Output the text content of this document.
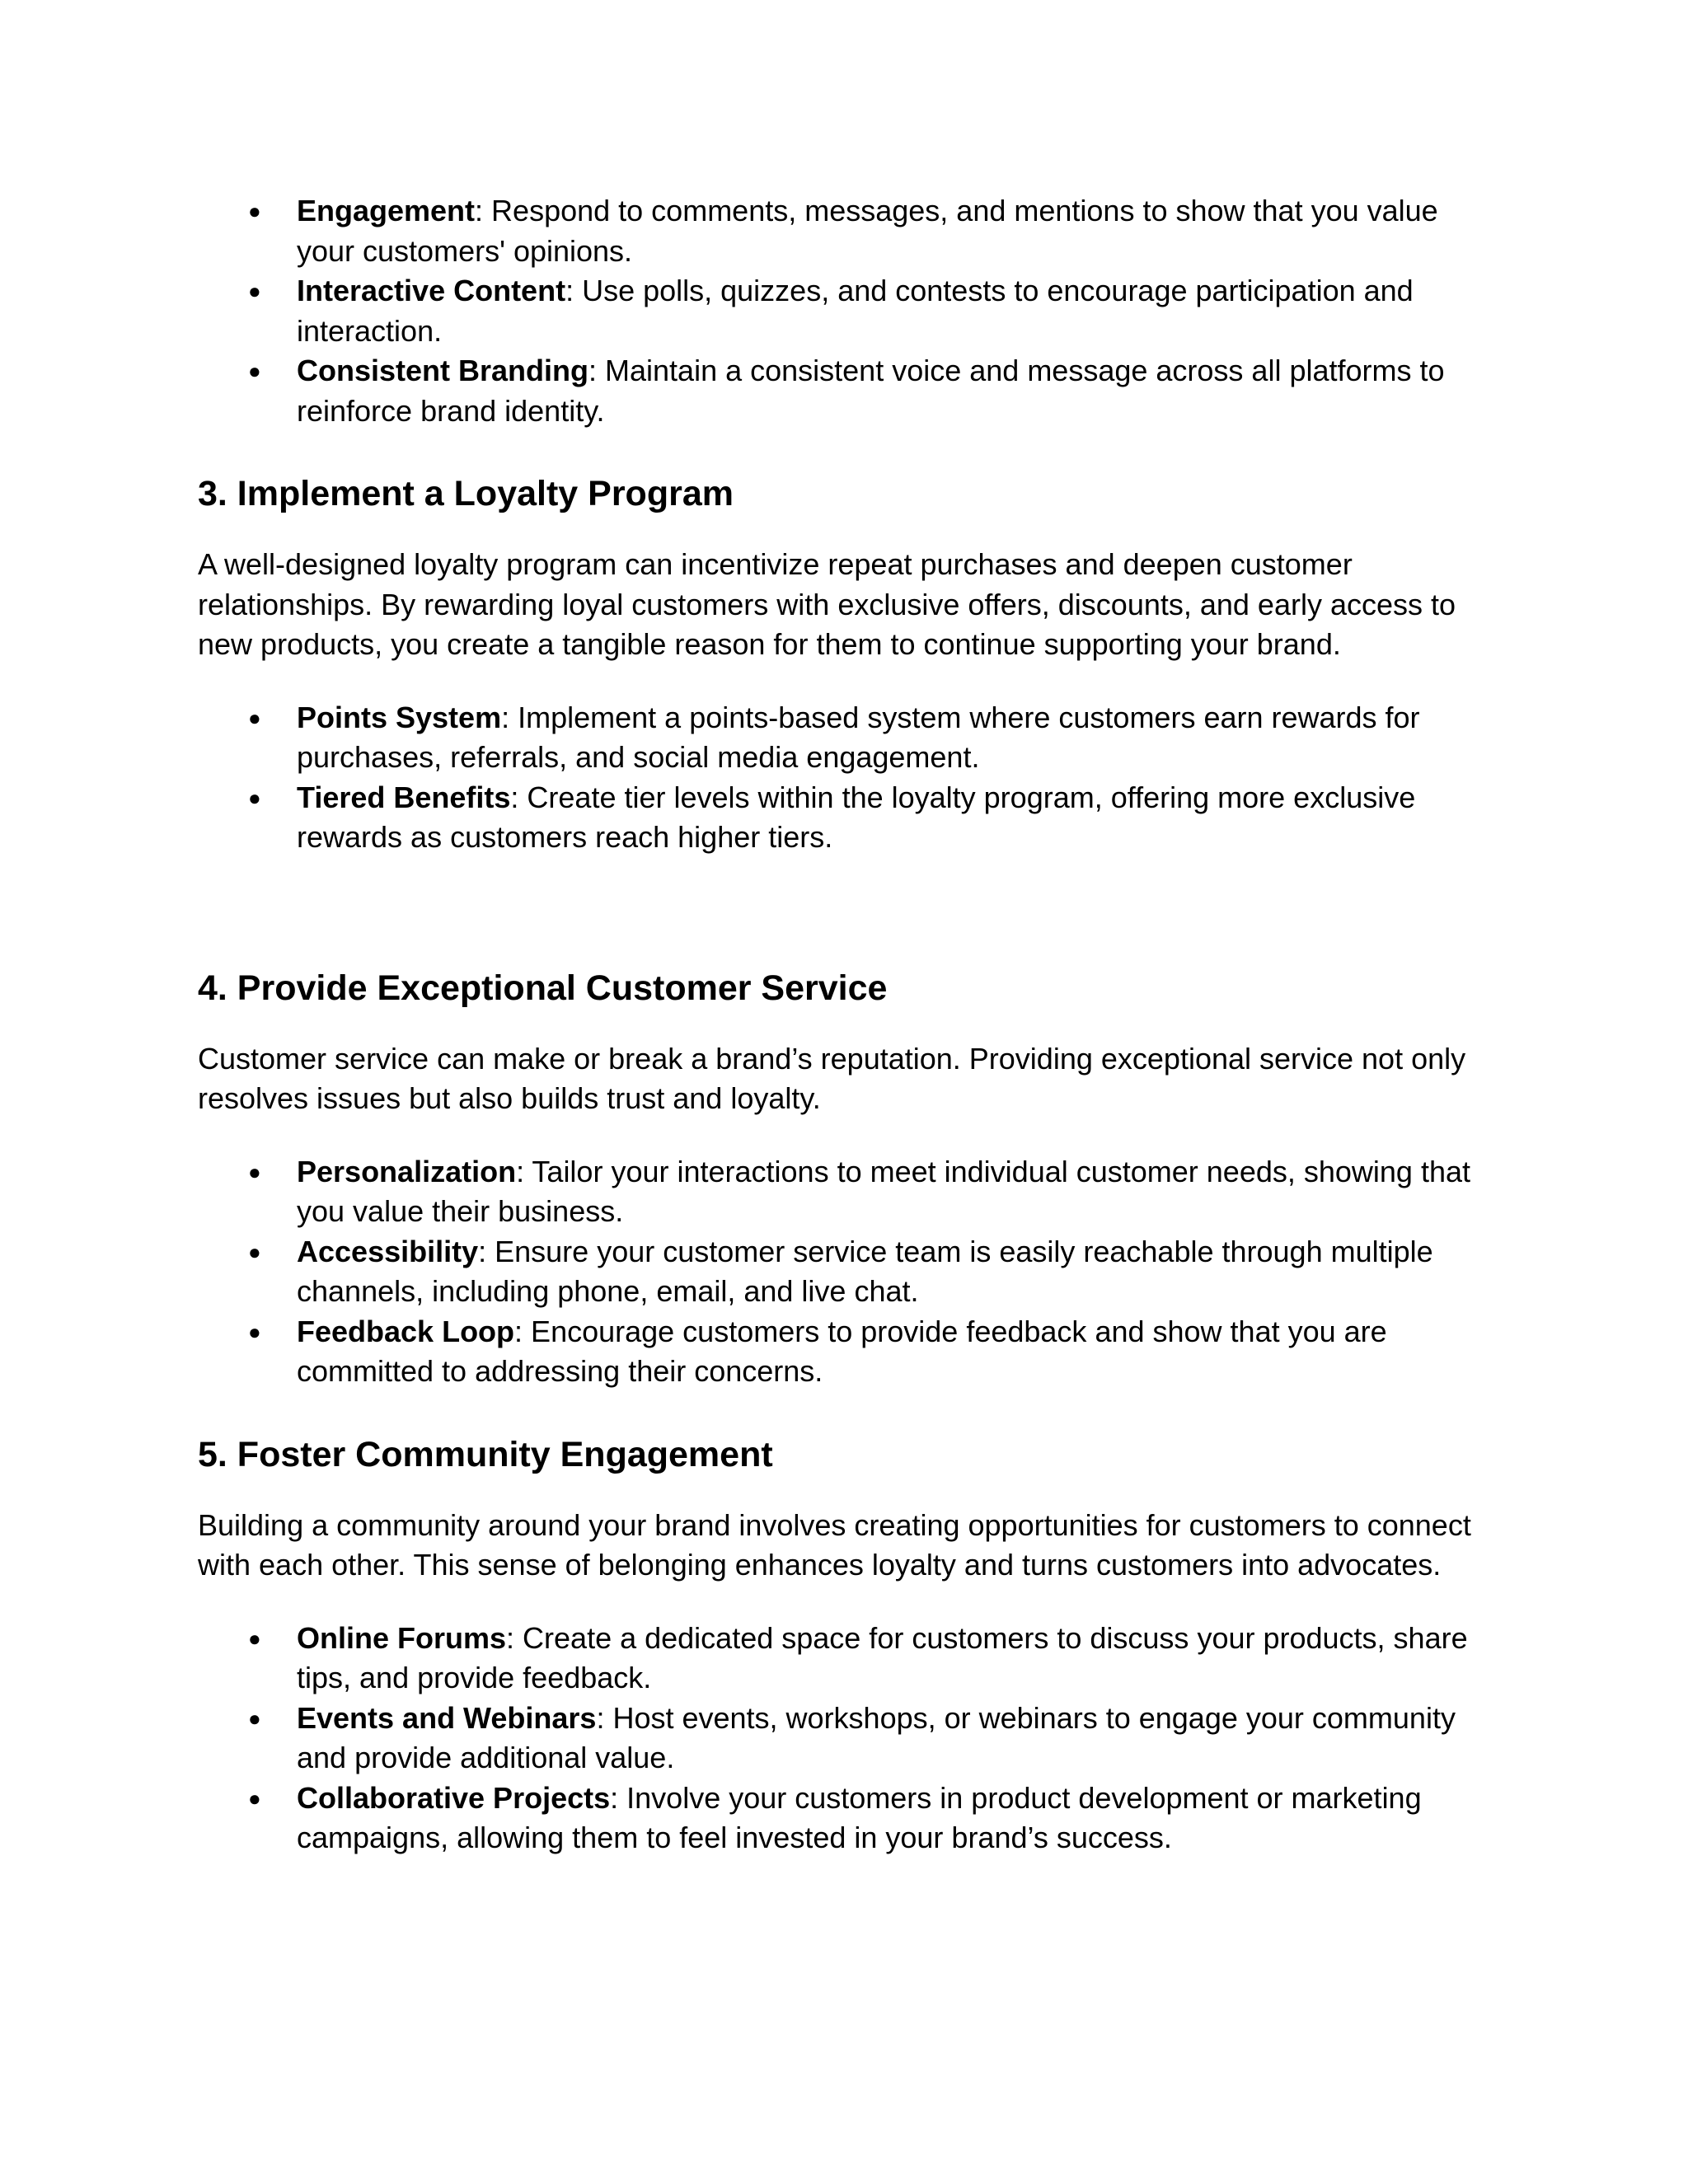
● Engagement: Respond to comments, messages, and mentions to show that you value your customers' opinions.
● Interactive Content: Use polls, quizzes, and contests to encourage participation and interaction.
● Consistent Branding: Maintain a consistent voice and message across all platforms to reinforce brand identity.
3. Implement a Loyalty Program

A well-designed loyalty program can incentivize repeat purchases and deepen customer relationships. By rewarding loyal customers with exclusive offers, discounts, and early access to new products, you create a tangible reason for them to continue supporting your brand.

● Points System: Implement a points-based system where customers earn rewards for purchases, referrals, and social media engagement.
● Tiered Benefits: Create tier levels within the loyalty program, offering more exclusive rewards as customers reach higher tiers.
4. Provide Exceptional Customer Service

Customer service can make or break a brand’s reputation. Providing exceptional service not only resolves issues but also builds trust and loyalty.

● Personalization: Tailor your interactions to meet individual customer needs, showing that you value their business.
● Accessibility: Ensure your customer service team is easily reachable through multiple channels, including phone, email, and live chat.
● Feedback Loop: Encourage customers to provide feedback and show that you are committed to addressing their concerns.
5. Foster Community Engagement

Building a community around your brand involves creating opportunities for customers to connect with each other. This sense of belonging enhances loyalty and turns customers into advocates.

● Online Forums: Create a dedicated space for customers to discuss your products, share tips, and provide feedback.
● Events and Webinars: Host events, workshops, or webinars to engage your community and provide additional value.
● Collaborative Projects: Involve your customers in product development or marketing campaigns, allowing them to feel invested in your brand’s success.
